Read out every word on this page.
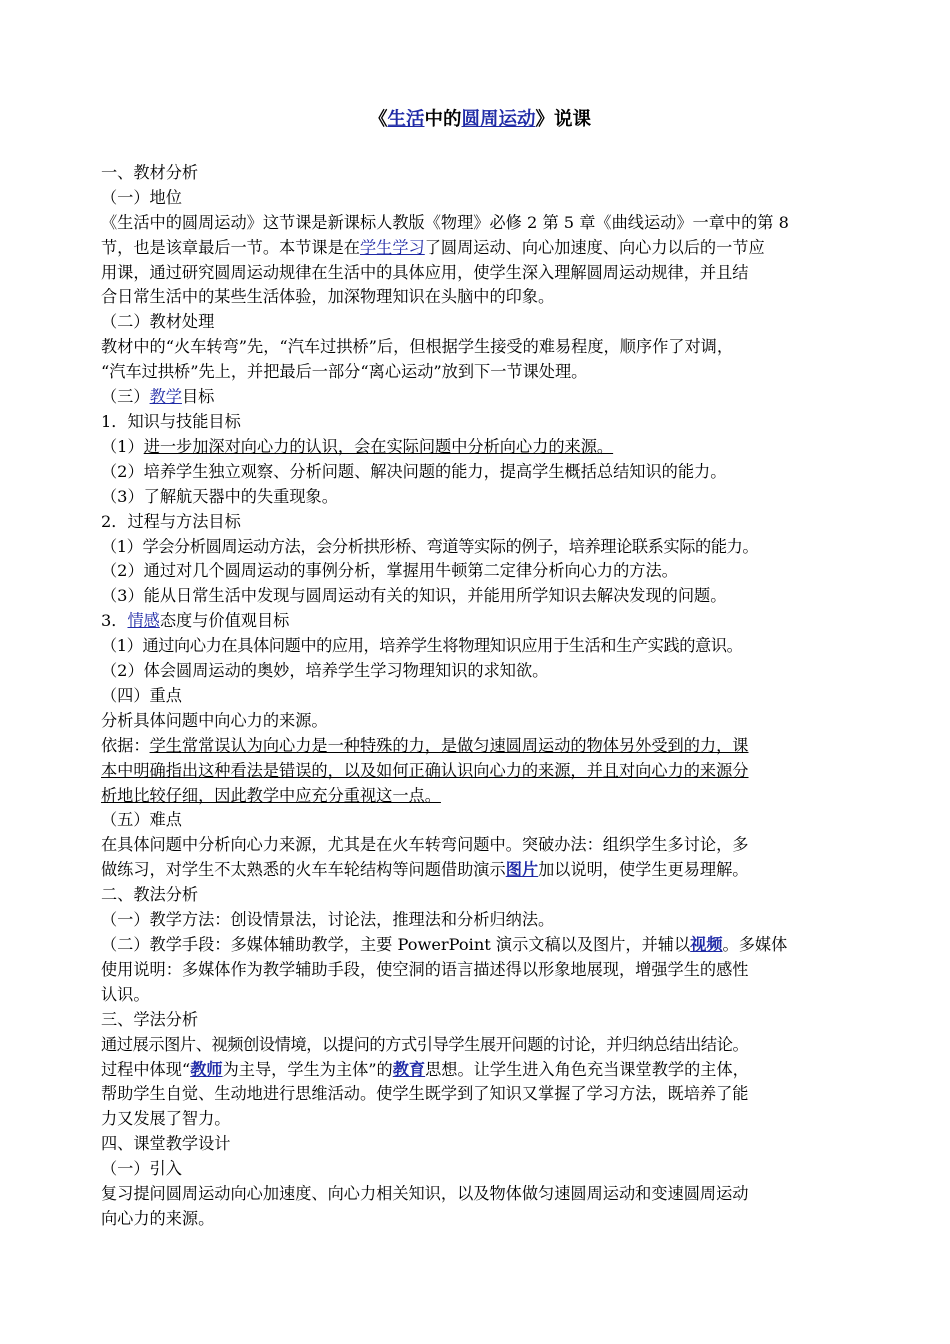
《生活中的圆周运动》说课
一、教材分析
（一）地位
《生活中的圆周运动》这节课是新课标人教版《物理》必修 2 第 5 章《曲线运动》一章中的第 8
节，也是该章最后一节。本节课是在学生学习了圆周运动、向心加速度、向心力以后的一节应
用课，通过研究圆周运动规律在生活中的具体应用，使学生深入理解圆周运动规律，并且结
合日常生活中的某些生活体验，加深物理知识在头脑中的印象。
（二）教材处理
教材中的“火车转弯”先，“汽车过拱桥”后，但根据学生接受的难易程度，顺序作了对调，
“汽车过拱桥”先上，并把最后一部分“离心运动”放到下一节课处理。
（三）教学目标
1．知识与技能目标
（1）进一步加深对向心力的认识，会在实际问题中分析向心力的来源。
（2）培养学生独立观察、分析问题、解决问题的能力，提高学生概括总结知识的能力。
（3）了解航天器中的失重现象。
2．过程与方法目标
（1）学会分析圆周运动方法，会分析拱形桥、弯道等实际的例子，培养理论联系实际的能力。
（2）通过对几个圆周运动的事例分析，掌握用牛顿第二定律分析向心力的方法。
（3）能从日常生活中发现与圆周运动有关的知识，并能用所学知识去解决发现的问题。
3．情感态度与价值观目标
（1）通过向心力在具体问题中的应用，培养学生将物理知识应用于生活和生产实践的意识。
（2）体会圆周运动的奥妙，培养学生学习物理知识的求知欲。
（四）重点
分析具体问题中向心力的来源。
依据：学生常常误认为向心力是一种特殊的力，是做匀速圆周运动的物体另外受到的力，课
本中明确指出这种看法是错误的，以及如何正确认识向心力的来源，并且对向心力的来源分
析地比较仔细，因此教学中应充分重视这一点。
（五）难点
在具体问题中分析向心力来源，尤其是在火车转弯问题中。突破办法：组织学生多讨论，多
做练习，对学生不太熟悉的火车车轮结构等问题借助演示图片加以说明，使学生更易理解。
二、教法分析
（一）教学方法：创设情景法，讨论法，推理法和分析归纳法。
（二）教学手段：多媒体辅助教学，主要 PowerPoint 演示文稿以及图片，并辅以视频。多媒体
使用说明：多媒体作为教学辅助手段，使空洞的语言描述得以形象地展现，增强学生的感性
认识。
三、学法分析
通过展示图片、视频创设情境，以提问的方式引导学生展开问题的讨论，并归纳总结出结论。
过程中体现“教师为主导，学生为主体”的教育思想。让学生进入角色充当课堂教学的主体，
帮助学生自觉、生动地进行思维活动。使学生既学到了知识又掌握了学习方法，既培养了能
力又发展了智力。
四、课堂教学设计
（一）引入
复习提问圆周运动向心加速度、向心力相关知识，以及物体做匀速圆周运动和变速圆周运动
向心力的来源。
